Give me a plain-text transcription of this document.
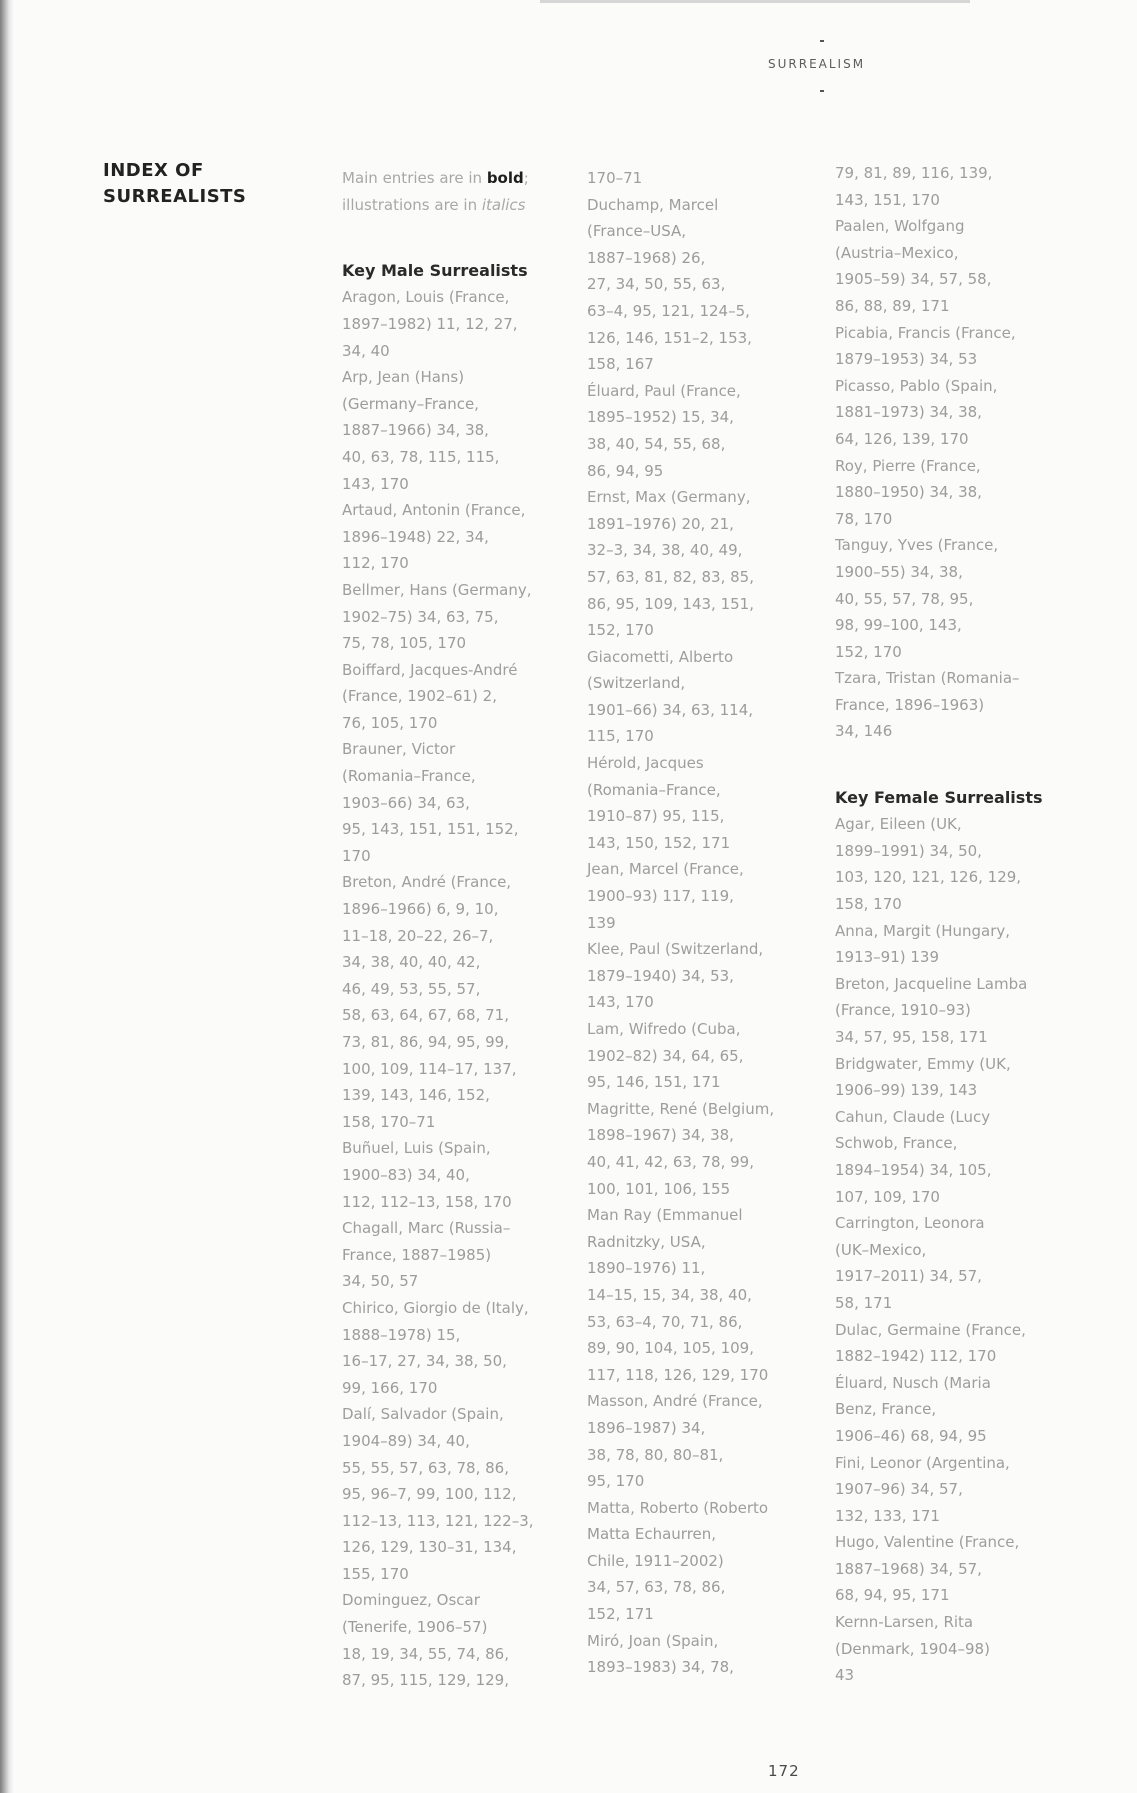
SURREALISM
INDEX OF
SURREALISTS
Main entries are in bold;
illustrations are in italics
Key Male Surrealists
Aragon, Louis (France,
1897–1982) 11, 12, 27,
34, 40
Arp, Jean (Hans)
(Germany–France,
1887–1966) 34, 38,
40, 63, 78, 115, 115,
143, 170
Artaud, Antonin (France,
1896–1948) 22, 34,
112, 170
Bellmer, Hans (Germany,
1902–75) 34, 63, 75,
75, 78, 105, 170
Boiffard, Jacques-André
(France, 1902–61) 2,
76, 105, 170
Brauner, Victor
(Romania–France,
1903–66) 34, 63,
95, 143, 151, 151, 152,
170
Breton, André (France,
1896–1966) 6, 9, 10,
11–18, 20–22, 26–7,
34, 38, 40, 40, 42,
46, 49, 53, 55, 57,
58, 63, 64, 67, 68, 71,
73, 81, 86, 94, 95, 99,
100, 109, 114–17, 137,
139, 143, 146, 152,
158, 170–71
Buñuel, Luis (Spain,
1900–83) 34, 40,
112, 112–13, 158, 170
Chagall, Marc (Russia–
France, 1887–1985)
34, 50, 57
Chirico, Giorgio de (Italy,
1888–1978) 15,
16–17, 27, 34, 38, 50,
99, 166, 170
Dalí, Salvador (Spain,
1904–89) 34, 40,
55, 55, 57, 63, 78, 86,
95, 96–7, 99, 100, 112,
112–13, 113, 121, 122–3,
126, 129, 130–31, 134,
155, 170
Dominguez, Oscar
(Tenerife, 1906–57)
18, 19, 34, 55, 74, 86,
87, 95, 115, 129, 129,
170–71
Duchamp, Marcel
(France–USA,
1887–1968) 26,
27, 34, 50, 55, 63,
63–4, 95, 121, 124–5,
126, 146, 151–2, 153,
158, 167
Éluard, Paul (France,
1895–1952) 15, 34,
38, 40, 54, 55, 68,
86, 94, 95
Ernst, Max (Germany,
1891–1976) 20, 21,
32–3, 34, 38, 40, 49,
57, 63, 81, 82, 83, 85,
86, 95, 109, 143, 151,
152, 170
Giacometti, Alberto
(Switzerland,
1901–66) 34, 63, 114,
115, 170
Hérold, Jacques
(Romania–France,
1910–87) 95, 115,
143, 150, 152, 171
Jean, Marcel (France,
1900–93) 117, 119,
139
Klee, Paul (Switzerland,
1879–1940) 34, 53,
143, 170
Lam, Wifredo (Cuba,
1902–82) 34, 64, 65,
95, 146, 151, 171
Magritte, René (Belgium,
1898–1967) 34, 38,
40, 41, 42, 63, 78, 99,
100, 101, 106, 155
Man Ray (Emmanuel
Radnitzky, USA,
1890–1976) 11,
14–15, 15, 34, 38, 40,
53, 63–4, 70, 71, 86,
89, 90, 104, 105, 109,
117, 118, 126, 129, 170
Masson, André (France,
1896–1987) 34,
38, 78, 80, 80–81,
95, 170
Matta, Roberto (Roberto
Matta Echaurren,
Chile, 1911–2002)
34, 57, 63, 78, 86,
152, 171
Miró, Joan (Spain,
1893–1983) 34, 78,
79, 81, 89, 116, 139,
143, 151, 170
Paalen, Wolfgang
(Austria–Mexico,
1905–59) 34, 57, 58,
86, 88, 89, 171
Picabia, Francis (France,
1879–1953) 34, 53
Picasso, Pablo (Spain,
1881–1973) 34, 38,
64, 126, 139, 170
Roy, Pierre (France,
1880–1950) 34, 38,
78, 170
Tanguy, Yves (France,
1900–55) 34, 38,
40, 55, 57, 78, 95,
98, 99–100, 143,
152, 170
Tzara, Tristan (Romania–
France, 1896–1963)
34, 146
Key Female Surrealists
Agar, Eileen (UK,
1899–1991) 34, 50,
103, 120, 121, 126, 129,
158, 170
Anna, Margit (Hungary,
1913–91) 139
Breton, Jacqueline Lamba
(France, 1910–93)
34, 57, 95, 158, 171
Bridgwater, Emmy (UK,
1906–99) 139, 143
Cahun, Claude (Lucy
Schwob, France,
1894–1954) 34, 105,
107, 109, 170
Carrington, Leonora
(UK–Mexico,
1917–2011) 34, 57,
58, 171
Dulac, Germaine (France,
1882–1942) 112, 170
Éluard, Nusch (Maria
Benz, France,
1906–46) 68, 94, 95
Fini, Leonor (Argentina,
1907–96) 34, 57,
132, 133, 171
Hugo, Valentine (France,
1887–1968) 34, 57,
68, 94, 95, 171
Kernn-Larsen, Rita
(Denmark, 1904–98)
43
172
